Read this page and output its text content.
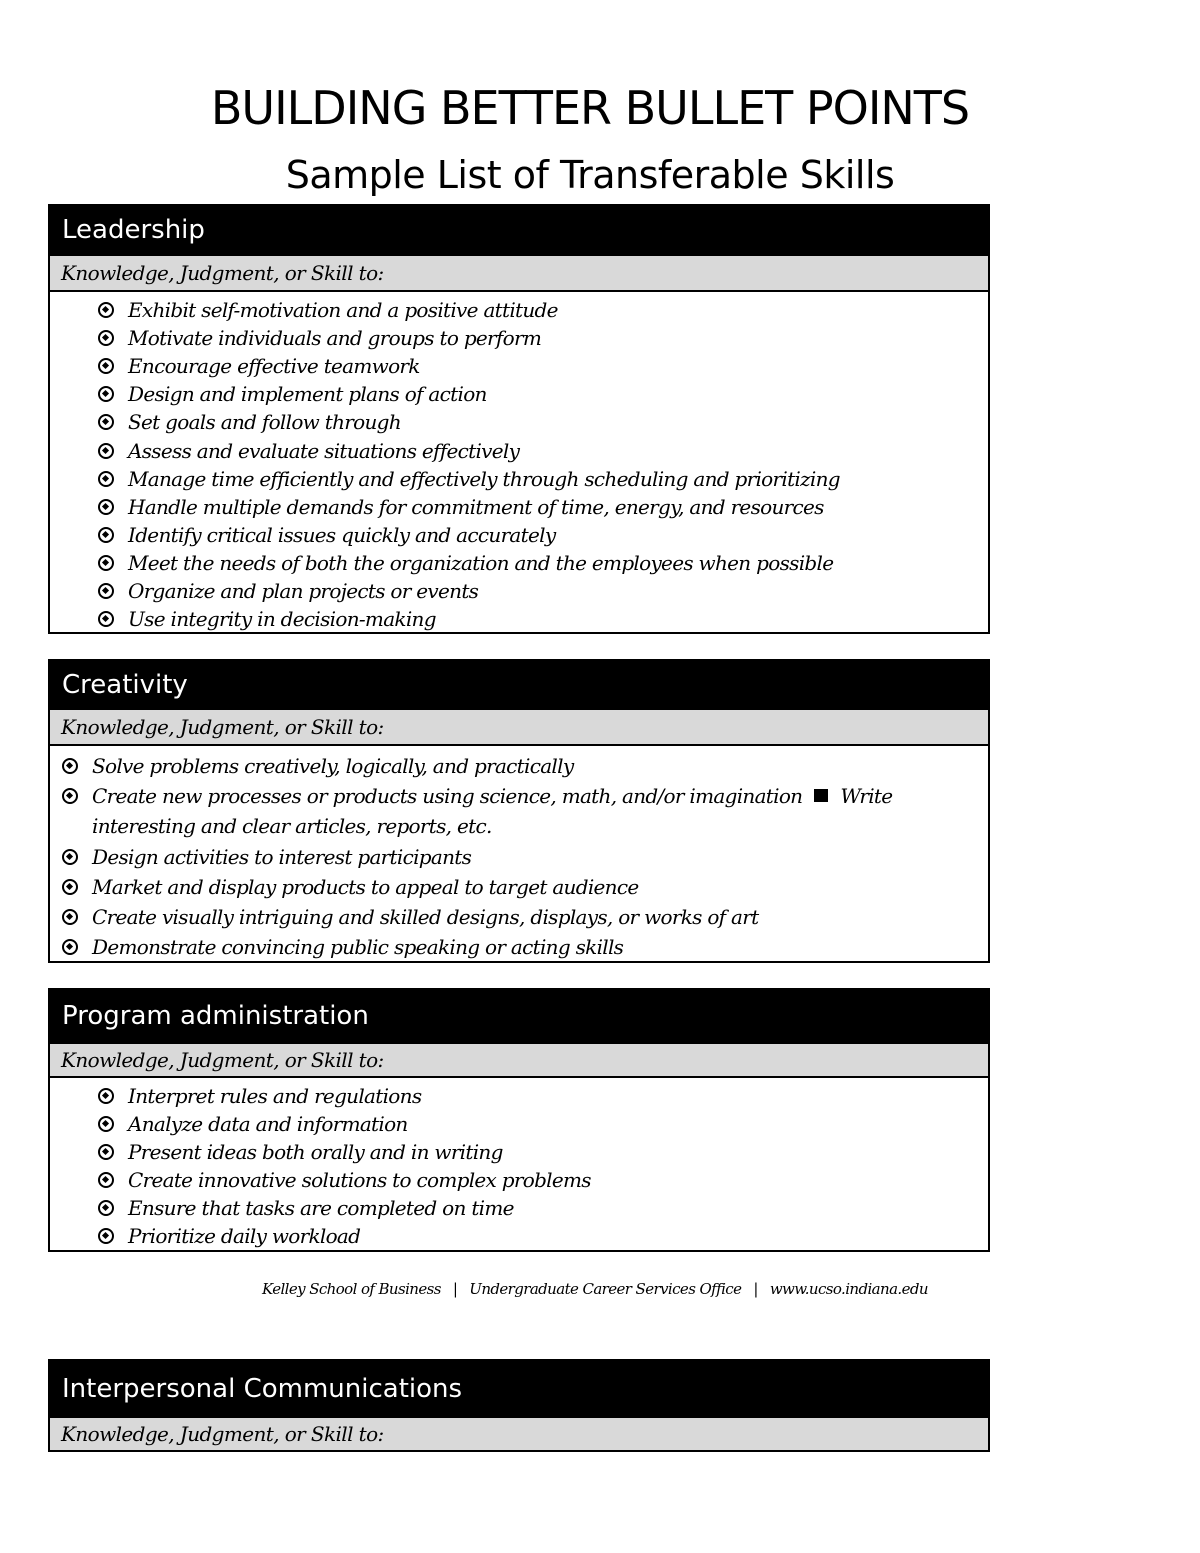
BUILDING BETTER BULLET POINTS
Sample List of Transferable Skills
Leadership
Knowledge, Judgment, or Skill to:
Exhibit self-motivation and a positive attitude
Motivate individuals and groups to perform
Encourage effective teamwork
Design and implement plans of action
Set goals and follow through
Assess and evaluate situations effectively
Manage time efficiently and effectively through scheduling and prioritizing
Handle multiple demands for commitment of time, energy, and resources
Identify critical issues quickly and accurately
Meet the needs of both the organization and the employees when possible
Organize and plan projects or events
Use integrity in decision-making
Creativity
Knowledge, Judgment, or Skill to:
Solve problems creatively, logically, and practically
Create new processes or products using science, math, and/or imagination Write interesting and clear articles, reports, etc.
Design activities to interest participants
Market and display products to appeal to target audience
Create visually intriguing and skilled designs, displays, or works of art
Demonstrate convincing public speaking or acting skills
Program administration
Knowledge, Judgment, or Skill to:
Interpret rules and regulations
Analyze data and information
Present ideas both orally and in writing
Create innovative solutions to complex problems
Ensure that tasks are completed on time
Prioritize daily workload
Kelley School of Business | Undergraduate Career Services Office | www.ucso.indiana.edu
Interpersonal Communications
Knowledge, Judgment, or Skill to:
